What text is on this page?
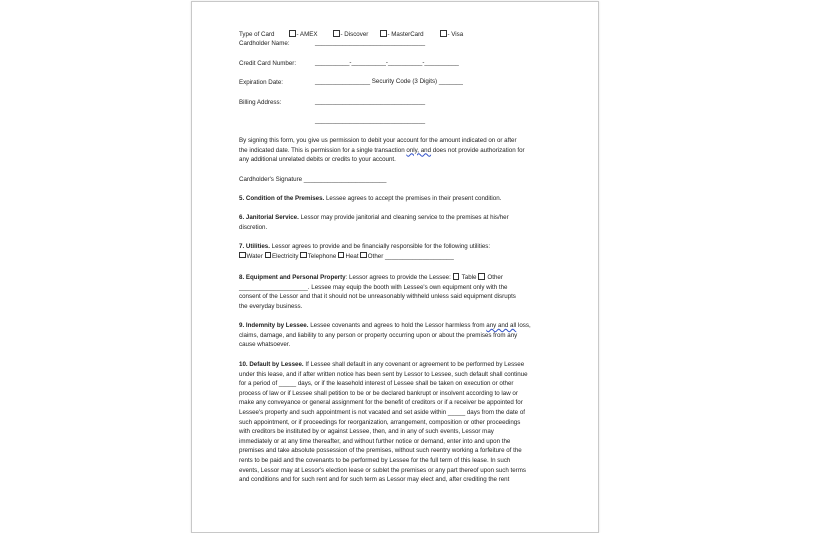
Type of Card	- AMEX	- Discover	- MasterCard	- Visa
Cardholder Name:	________________________________
Credit Card Number:	__________-__________-__________-__________
Expiration Date:	________________ Security Code (3 Digits) _______
Billing Address:	________________________________
________________________________
By signing this form, you give us permission to debit your account for the amount indicated on or after
the indicated date. This is permission for a single transaction only, and does not provide authorization for
any additional unrelated debits or credits to your account.
Cardholder's Signature ________________________
5. Condition of the Premises. Lessee agrees to accept the premises in their present condition.
6. Janitorial Service. Lessor may provide janitorial and cleaning service to the premises at his/her
discretion.
7. Utilities. Lessor agrees to provide and be financially responsible for the following utilities:
Water Electricity Telephone Heat Other ____________________
8. Equipment and Personal Property: Lessor agrees to provide the Lessee:  Table  Other
____________________. Lessee may equip the booth with Lessee's own equipment only with the
consent of the Lessor and that it should not be unreasonably withheld unless said equipment disrupts
the everyday business.
9. Indemnity by Lessee. Lessee covenants and agrees to hold the Lessor harmless from any and all loss,
claims, damage, and liability to any person or property occurring upon or about the premises from any
cause whatsoever.
10. Default by Lessee. If Lessee shall default in any covenant or agreement to be performed by Lessee
under this lease, and if after written notice has been sent by Lessor to Lessee, such default shall continue
for a period of _____ days, or if the leasehold interest of Lessee shall be taken on execution or other
process of law or if Lessee shall petition to be or be declared bankrupt or insolvent according to law or
make any conveyance or general assignment for the benefit of creditors or if a receiver be appointed for
Lessee's property and such appointment is not vacated and set aside within _____ days from the date of
such appointment, or if proceedings for reorganization, arrangement, composition or other proceedings
with creditors be instituted by or against Lessee, then, and in any of such events, Lessor may
immediately or at any time thereafter, and without further notice or demand, enter into and upon the
premises and take absolute possession of the premises, without such reentry working a forfeiture of the
rents to be paid and the covenants to be performed by Lessee for the full term of this lease. In such
events, Lessor may at Lessor's election lease or sublet the premises or any part thereof upon such terms
and conditions and for such rent and for such term as Lessor may elect and, after crediting the rent
